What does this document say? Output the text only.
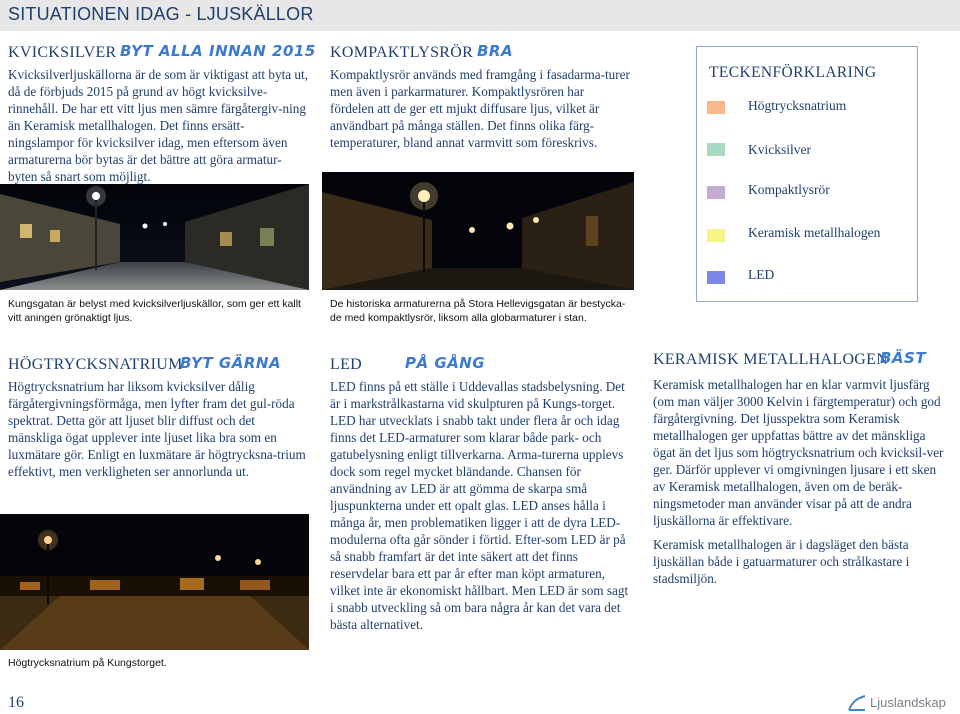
SITUATIONEN IDAG - LJUSKÄLLOR
KVICKSILVER BYT ALLA INNAN 2015
Kvicksilverljuskällorna är de som är viktigast att byta ut, då de förbjuds 2015 på grund av högt kvicksilve-rinnehåll. De har ett vitt ljus men sämre färgåtergiv-ning än Keramisk metallhalogen. Det finns ersätt-ningslampor för kvicksilver idag, men eftersom även armaturerna bör bytas är det bättre att göra armatur-byten så snart som möjligt.
Kungsgatan är belyst med kvicksilverljuskällor, som ger ett kallt vitt aningen grönaktigt ljus.
KOMPAKTLYSRÖR BRA
Kompaktlysrör används med framgång i fasadarma-turer men även i parkarmaturer. Kompaktlysrören har fördelen att de ger ett mjukt diffusare ljus, vilket är användbart på många ställen. Det finns olika färg-temperaturer, bland annat varmvitt som föreskrivs.
De historiska armaturerna på Stora Hellevigsgatan är bestycka-de med kompaktlysrör, liksom alla globarmaturer i stan.
TECKENFÖRKLARING
Högtrycksnatrium
Kvicksilver
Kompaktlysrör
Keramisk metallhalogen
LED
HÖGTRYCKSNATRIUM
BYT GÄRNA
Högtrycksnatrium har liksom kvicksilver dålig färgåtergivningsförmåga, men lyfter fram det gul-röda spektrat. Detta gör att ljuset blir diffust och det mänskliga ögat upplever inte ljuset lika bra som en luxmätare gör. Enligt en luxmätare är högtrycksna-trium effektivt, men verkligheten ser annorlunda ut.
Högtrycksnatrium på Kungstorget.
LED	PÅ GÅNG
LED finns på ett ställe i Uddevallas stadsbelysning. Det är i markstrålkastarna vid skulpturen på Kungs-torget. LED har utvecklats i snabb takt under flera år och idag finns det LED-armaturer som klarar både park- och gatubelysning enligt tillverkarna. Arma-turerna upplevs dock som regel mycket bländande. Chansen för användning av LED är att gömma de skarpa små ljuspunkterna under ett opalt glas. LED anses hålla i många år, men problematiken ligger i att de dyra LED-modulerna ofta går sönder i förtid. Efter-som LED är på så snabb framfart är det inte säkert att det finns reservdelar bara ett par år efter man köpt armaturen, vilket inte är ekonomiskt hållbart. Men LED är som sagt i snabb utveckling så om bara några år kan det vara det bästa alternativet.
KERAMISK METALLHALOGEN
BÄST
Keramisk metallhalogen har en klar varmvit ljusfärg (om man väljer 3000 Kelvin i färgtemperatur) och god färgåtergivning. Det ljusspektra som Keramisk metallhalogen ger uppfattas bättre av det mänskliga ögat än det ljus som högtrycksnatrium och kvicksil-ver ger. Därför upplever vi omgivningen ljusare i ett sken av Keramisk metallhalogen, även om de beräk-ningsmetoder man använder visar på att de andra ljuskällorna är effektivare.
Keramisk metallhalogen är i dagsläget den bästa ljuskällan både i gatuarmaturer och strålkastare i stadsmiljön.
16	Ljuslandskap
